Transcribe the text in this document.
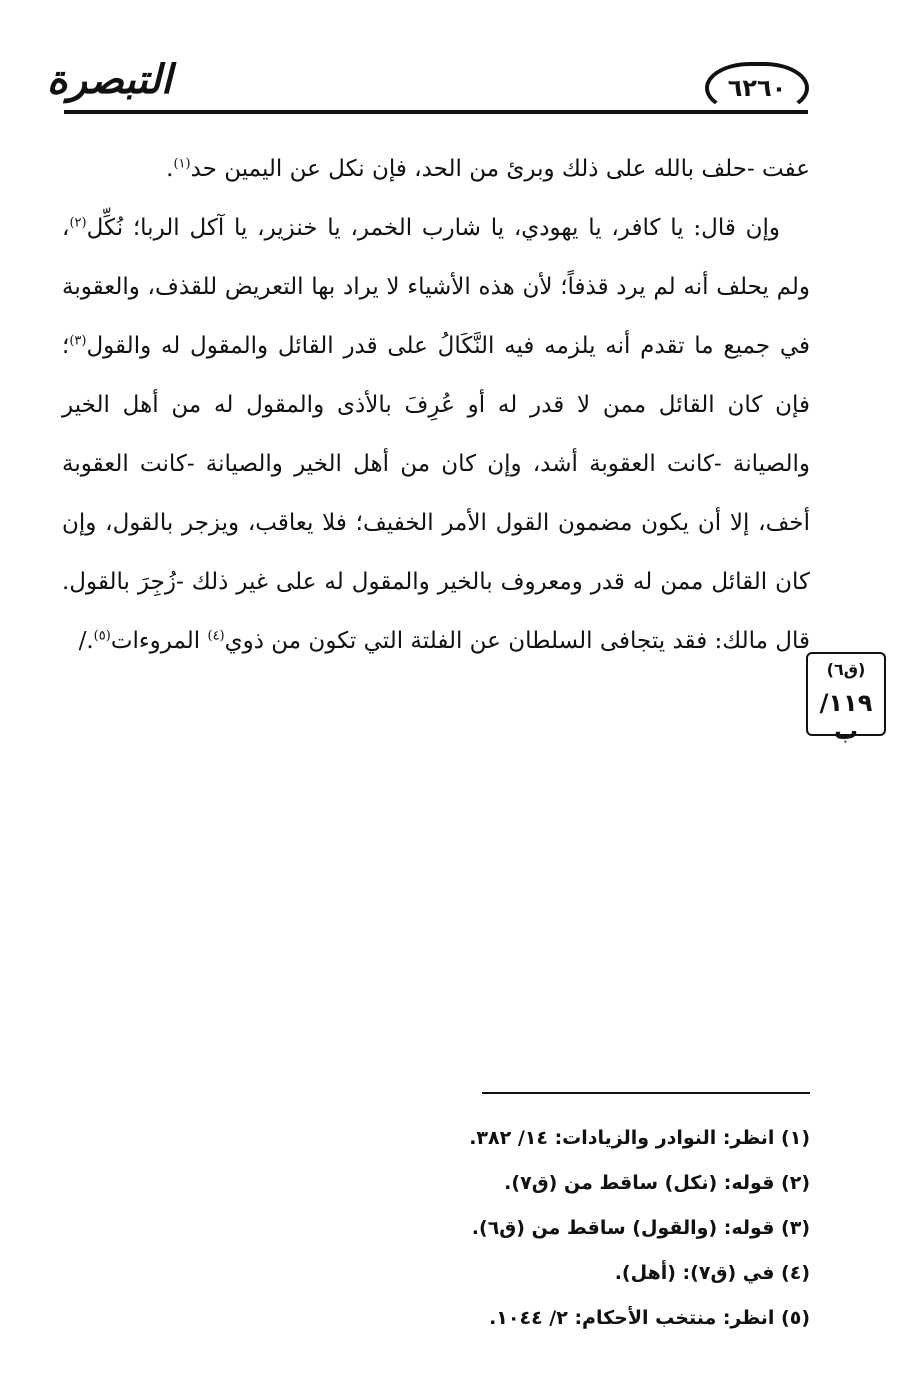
التبصرة	٦٢٦٠

عفت -حلف بالله على ذلك وبرئ من الحد، فإن نكل عن اليمين حد$^{(١)}$.

وإن قال: يا كافر، يا يهودي، يا شارب الخمر، يا خنزير، يا آكل الربا؛ نُكِّل$^{(٢)}$، ولم يحلف أنه لم يرد قذفاً؛ لأن هذه الأشياء لا يراد بها التعريض للقذف، والعقوبة في جميع ما تقدم أنه يلزمه فيه النَّكَالُ على قدر القائل والمقول له والقول$^{(٣)}$؛ فإن كان القائل ممن لا قدر له أو عُرِفَ بالأذى والمقول له من أهل الخير والصيانة -كانت العقوبة أشد، وإن كان من أهل الخير والصيانة -كانت العقوبة أخف، إلا أن يكون مضمون القول الأمر الخفيف؛ فلا يعاقب، ويزجر بالقول، وإن كان القائل ممن له قدر ومعروف بالخير والمقول له على غير ذلك -زُجِرَ بالقول. قال مالك: فقد يتجافى السلطان عن الفلتة التي تكون من ذوي$^{(٤)}$ المروءات$^{(٥)}$./

(ق٦)
١١٩/ب
(١) انظر: النوادر والزيادات: ١٤/ ٣٨٢.
(٢) قوله: (نكل) ساقط من (ق٧).
(٣) قوله: (والقول) ساقط من (ق٦).
(٤) في (ق٧): (أهل).
(٥) انظر: منتخب الأحكام: ٢/ ١٠٤٤.
